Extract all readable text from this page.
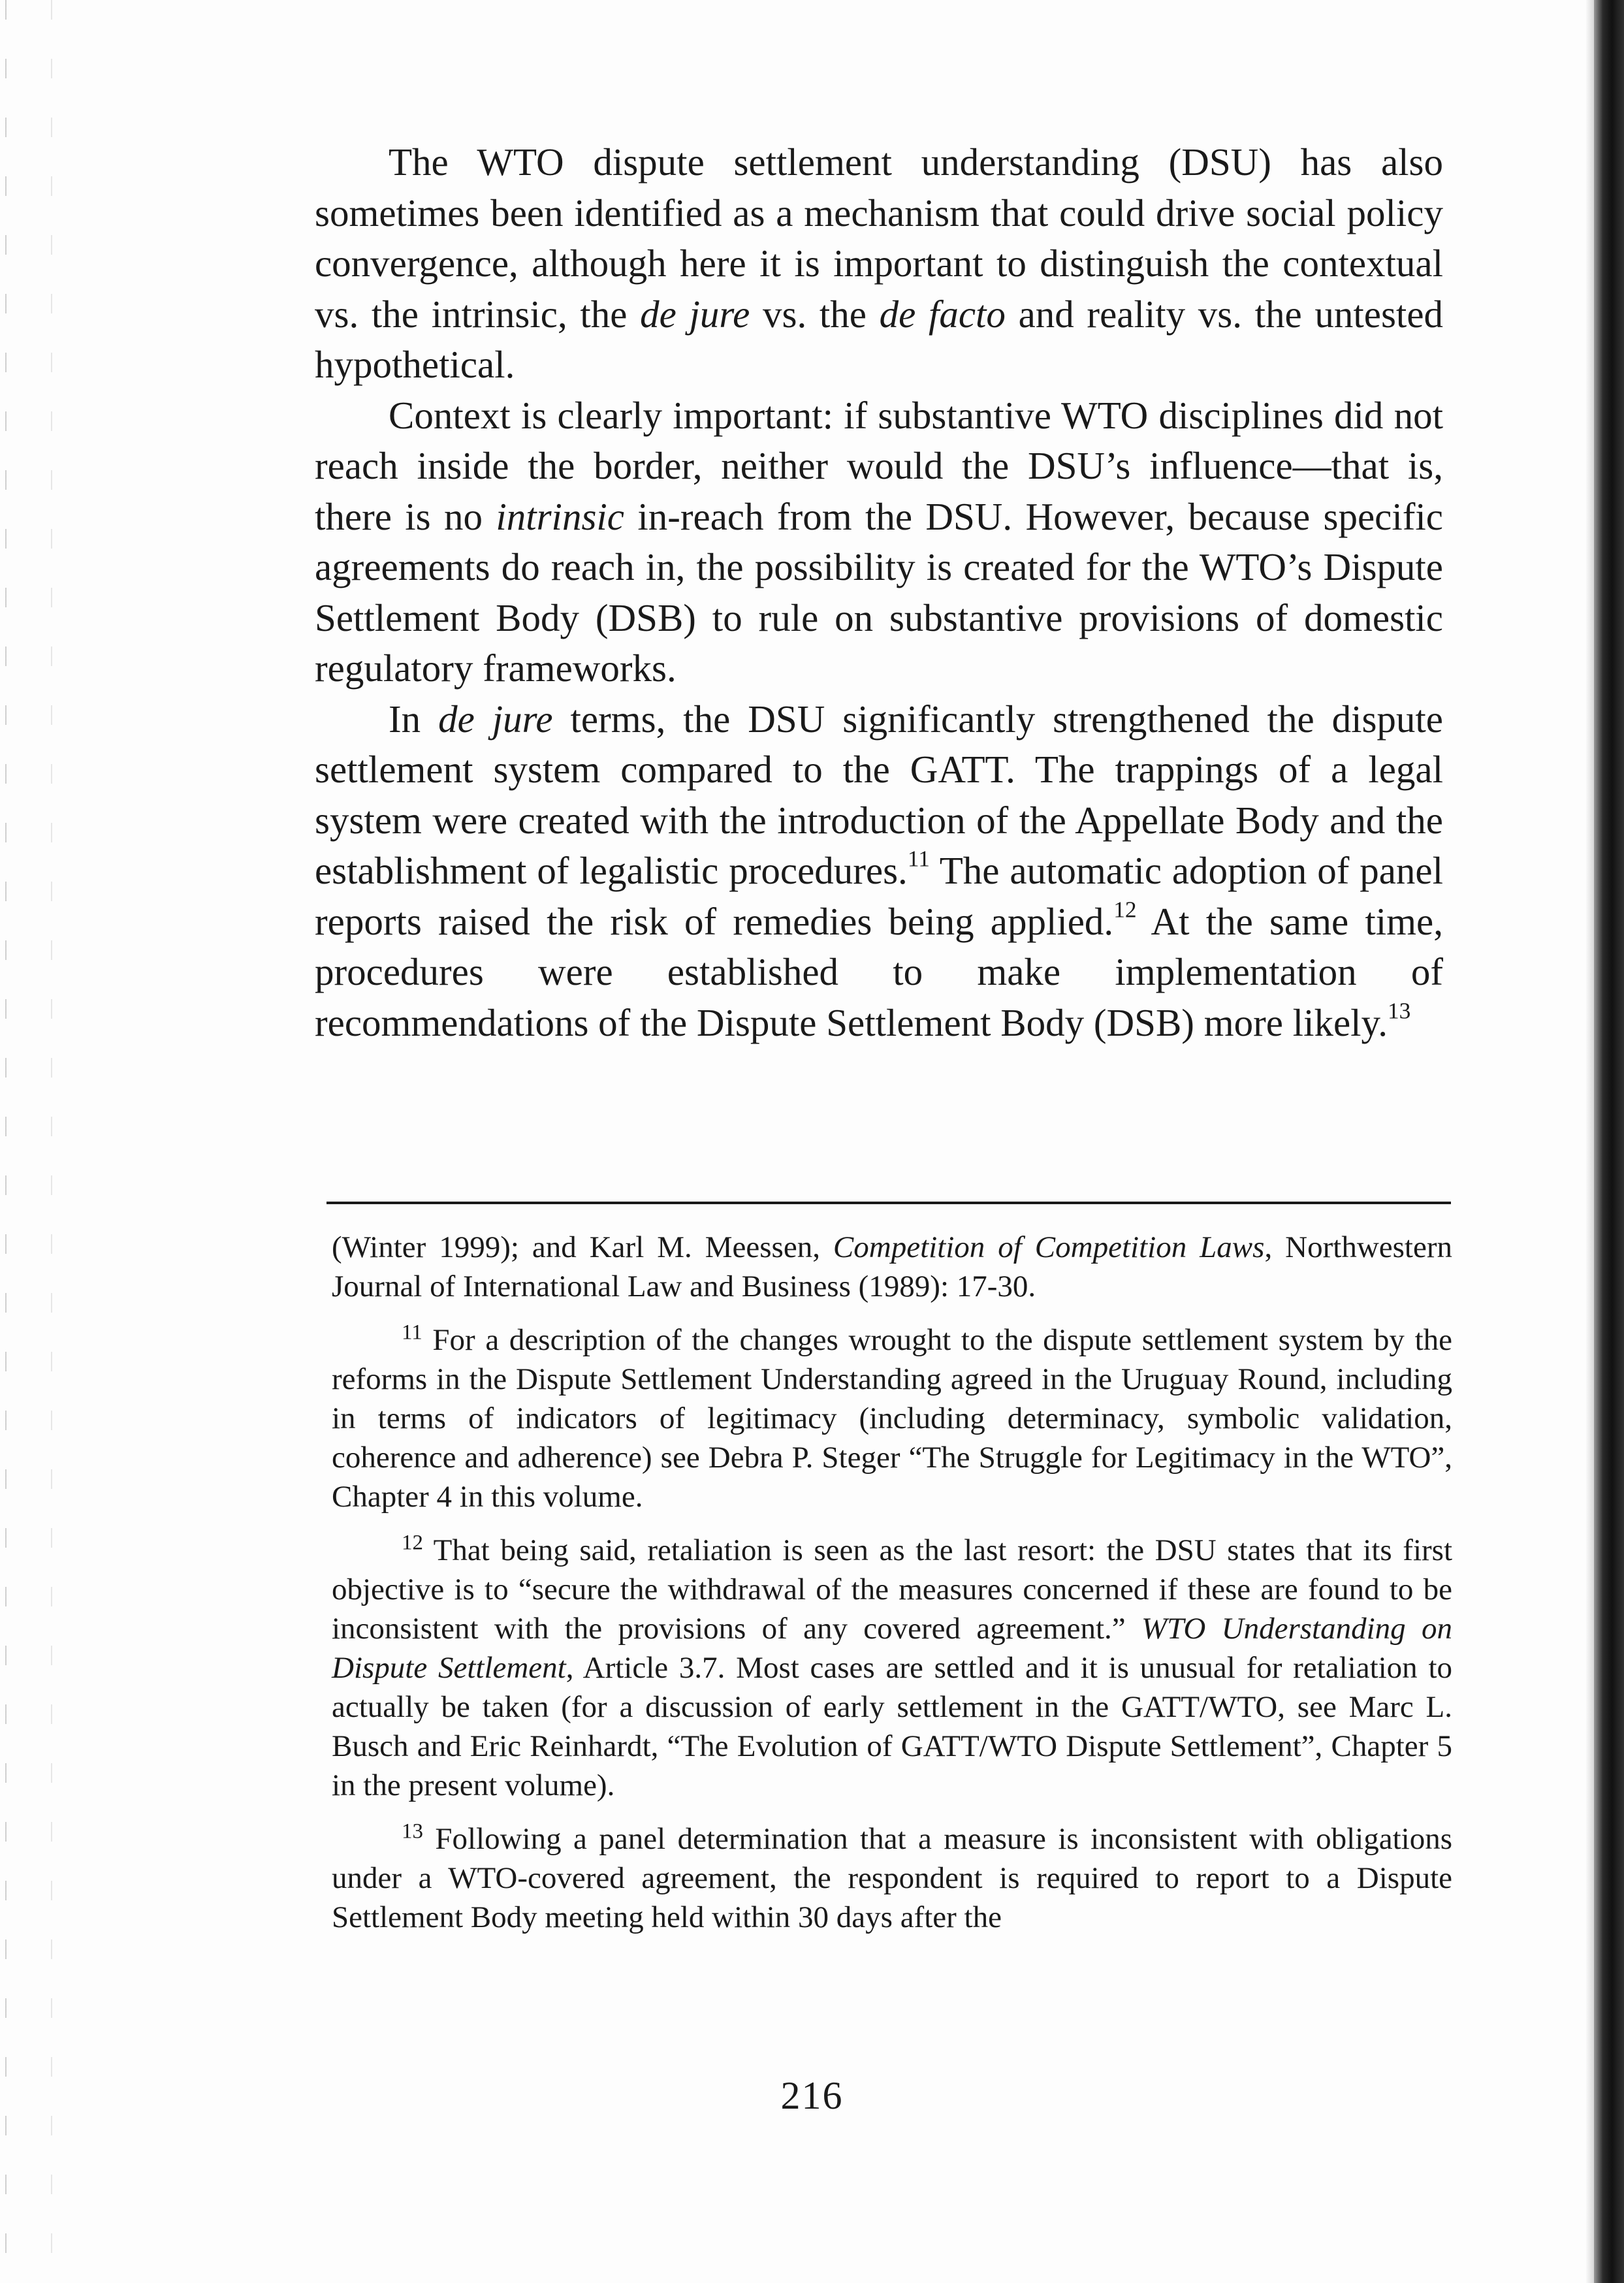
The WTO dispute settlement understanding (DSU) has also sometimes been identified as a mechanism that could drive social policy convergence, although here it is important to distinguish the contextual vs. the intrinsic, the de jure vs. the de facto and reality vs. the untested hypothetical.

Context is clearly important: if substantive WTO disciplines did not reach inside the border, neither would the DSU’s influence—that is, there is no intrinsic in-reach from the DSU. However, because specific agreements do reach in, the possibility is created for the WTO’s Dispute Settlement Body (DSB) to rule on substantive provisions of domestic regulatory frameworks.

In de jure terms, the DSU significantly strengthened the dispute settlement system compared to the GATT. The trappings of a legal system were created with the introduction of the Appellate Body and the establishment of legalistic procedures.$^{11}$ The automatic adoption of panel reports raised the risk of remedies being applied.$^{12}$ At the same time, procedures were established to make implementation of recommendations of the Dispute Settlement Body (DSB) more likely.$^{13}$

(Winter 1999); and Karl M. Meessen, Competition of Competition Laws, Northwestern Journal of International Law and Business (1989): 17-30.

$^{11}$ For a description of the changes wrought to the dispute settlement system by the reforms in the Dispute Settlement Understanding agreed in the Uruguay Round, including in terms of indicators of legitimacy (including determinacy, symbolic validation, coherence and adherence) see Debra P. Steger “The Struggle for Legitimacy in the WTO”, Chapter 4 in this volume.

$^{12}$ That being said, retaliation is seen as the last resort: the DSU states that its first objective is to “secure the withdrawal of the measures concerned if these are found to be inconsistent with the provisions of any covered agreement.” WTO Understanding on Dispute Settlement, Article 3.7. Most cases are settled and it is unusual for retaliation to actually be taken (for a discussion of early settlement in the GATT/WTO, see Marc L. Busch and Eric Reinhardt, “The Evolution of GATT/WTO Dispute Settlement”, Chapter 5 in the present volume).

$^{13}$ Following a panel determination that a measure is inconsistent with obligations under a WTO-covered agreement, the respondent is required to report to a Dispute Settlement Body meeting held within 30 days after the

216
